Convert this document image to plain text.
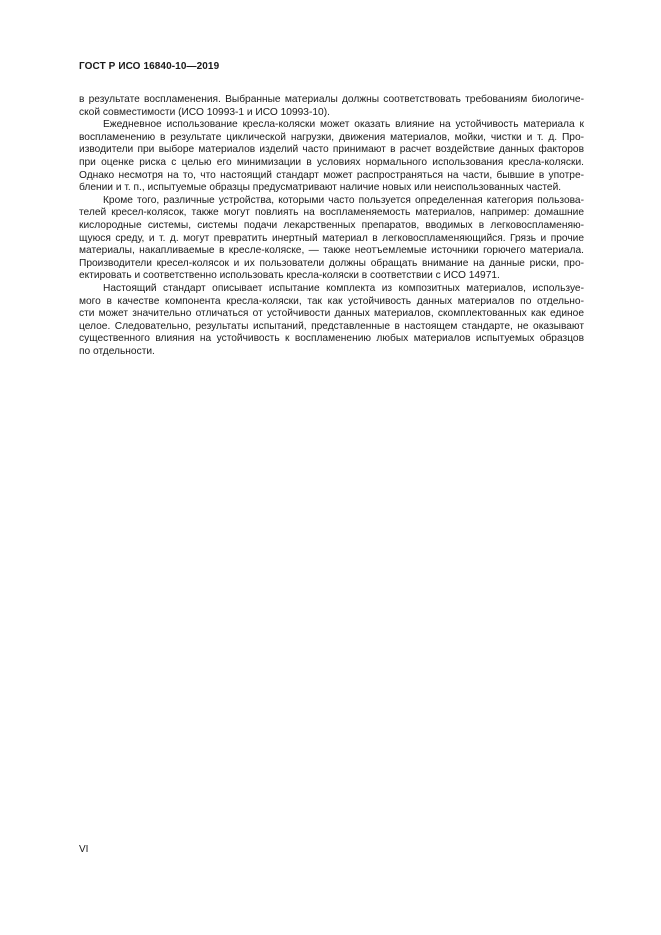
ГОСТ Р ИСО 16840-10—2019
в результате воспламенения. Выбранные материалы должны соответствовать требованиям биологиче-
ской совместимости (ИСО 10993-1 и ИСО 10993-10).
Ежедневное использование кресла-коляски может оказать влияние на устойчивость материала к
воспламенению в результате циклической нагрузки, движения материалов, мойки, чистки и т. д. Про-
изводители при выборе материалов изделий часто принимают в расчет воздействие данных факторов
при оценке риска с целью его минимизации в условиях нормального использования кресла-коляски.
Однако несмотря на то, что настоящий стандарт может распространяться на части, бывшие в употре-
блении и т. п., испытуемые образцы предусматривают наличие новых или неиспользованных частей.
Кроме того, различные устройства, которыми часто пользуется определенная категория пользова-
телей кресел-колясок, также могут повлиять на воспламеняемость материалов, например: домашние
кислородные системы, системы подачи лекарственных препаратов, вводимых в легковоспламеняю-
щуюся среду, и т. д. могут превратить инертный материал в легковоспламеняющийся. Грязь и прочие
материалы, накапливаемые в кресле-коляске, — также неотъемлемые источники горючего материала.
Производители кресел-колясок и их пользователи должны обращать внимание на данные риски, про-
ектировать и соответственно использовать кресла-коляски в соответствии с ИСО 14971.
Настоящий стандарт описывает испытание комплекта из композитных материалов, используе-
мого в качестве компонента кресла-коляски, так как устойчивость данных материалов по отдельно-
сти может значительно отличаться от устойчивости данных материалов, скомплектованных как единое
целое. Следовательно, результаты испытаний, представленные в настоящем стандарте, не оказывают
существенного влияния на устойчивость к воспламенению любых материалов испытуемых образцов
по отдельности.
VI
